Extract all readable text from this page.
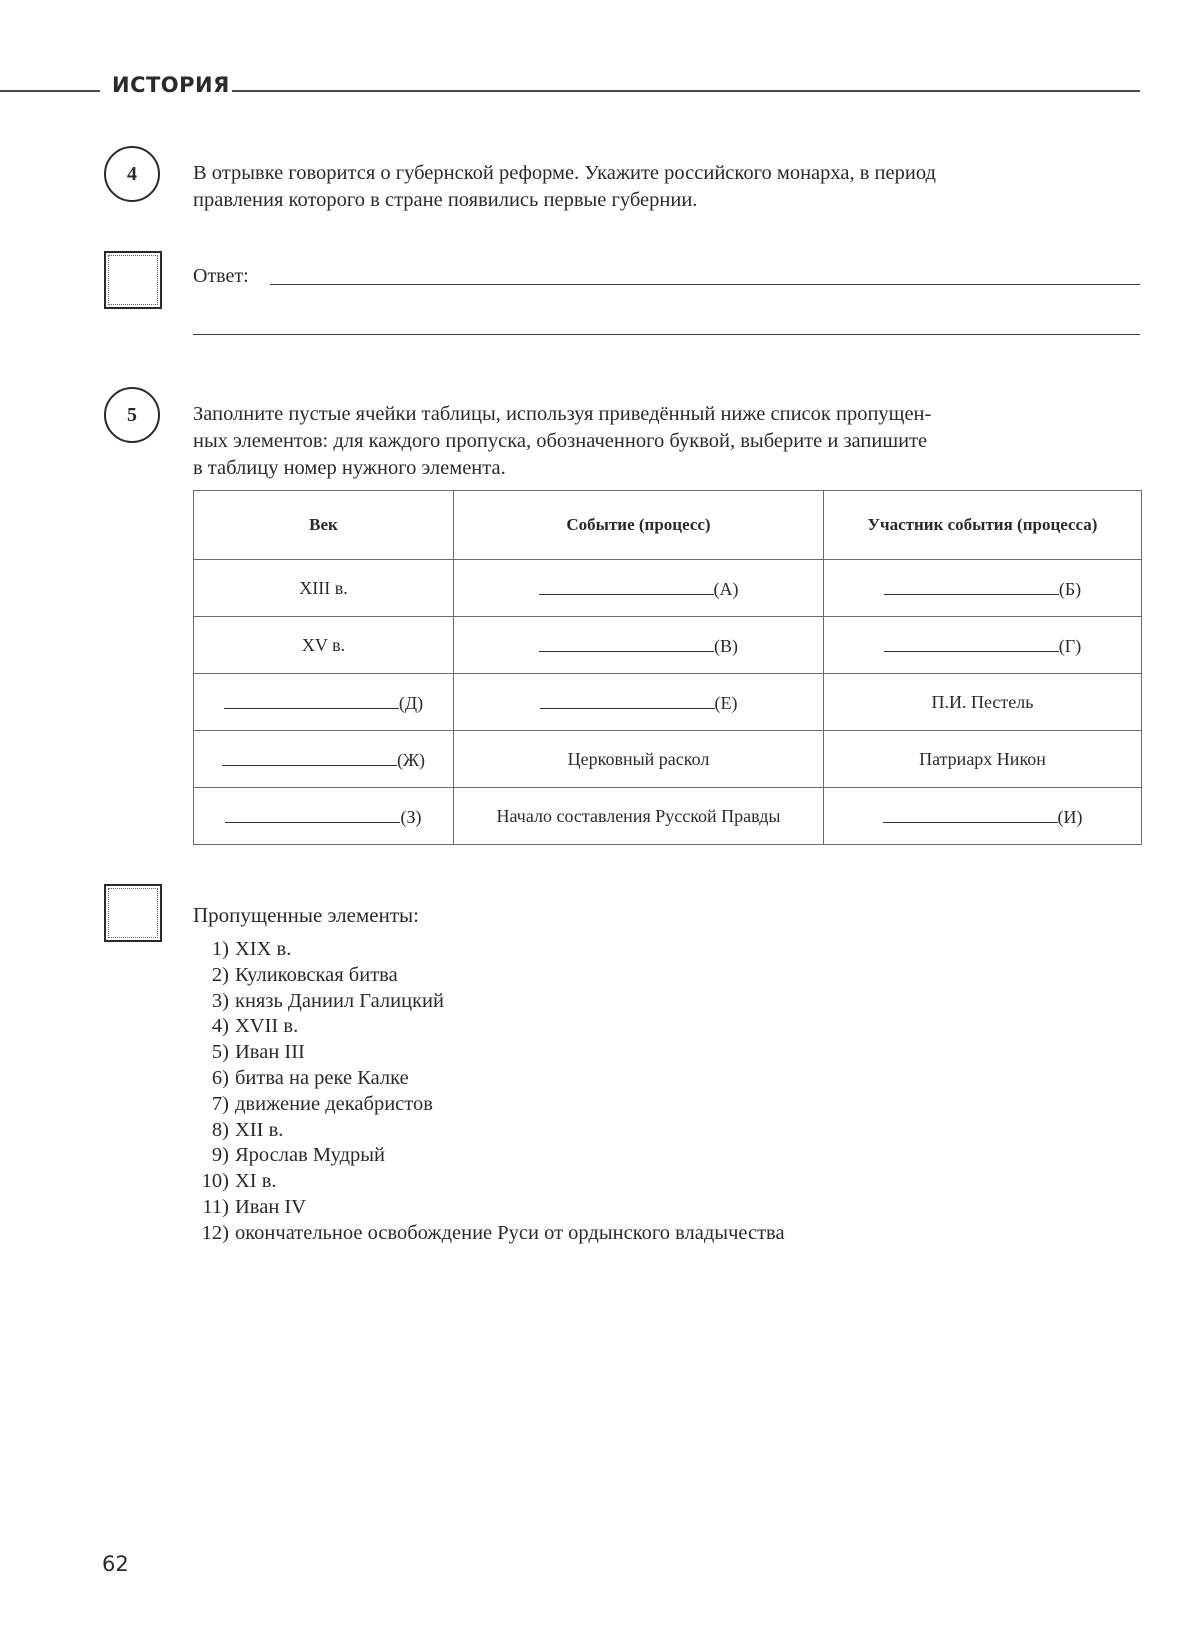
ИСТОРИЯ
4	В отрывке говорится о губернской реформе. Укажите российского монарха, в период
правления которого в стране появились первые губернии.
Ответ:
5	Заполните пустые ячейки таблицы, используя приведённый ниже список пропущен-
ных элементов: для каждого пропуска, обозначенного буквой, выберите и запишите
в таблицу номер нужного элемента.
Век	Событие (процесс)	Участник события (процесса)
XIII в.	(А)	(Б)
XV в.	(В)	(Г)
(Д)	(Е)	П.И. Пестель
(Ж)	Церковный раскол	Патриарх Никон
(З)	Начало составления Русской Правды	(И)
Пропущенные элементы:
1) XIX в.
2) Куликовская битва
3) князь Даниил Галицкий
4) XVII в.
5) Иван III
6) битва на реке Калке
7) движение декабристов
8) XII в.
9) Ярослав Мудрый
10) XI в.
11) Иван IV
12) окончательное освобождение Руси от ордынского владычества
62
